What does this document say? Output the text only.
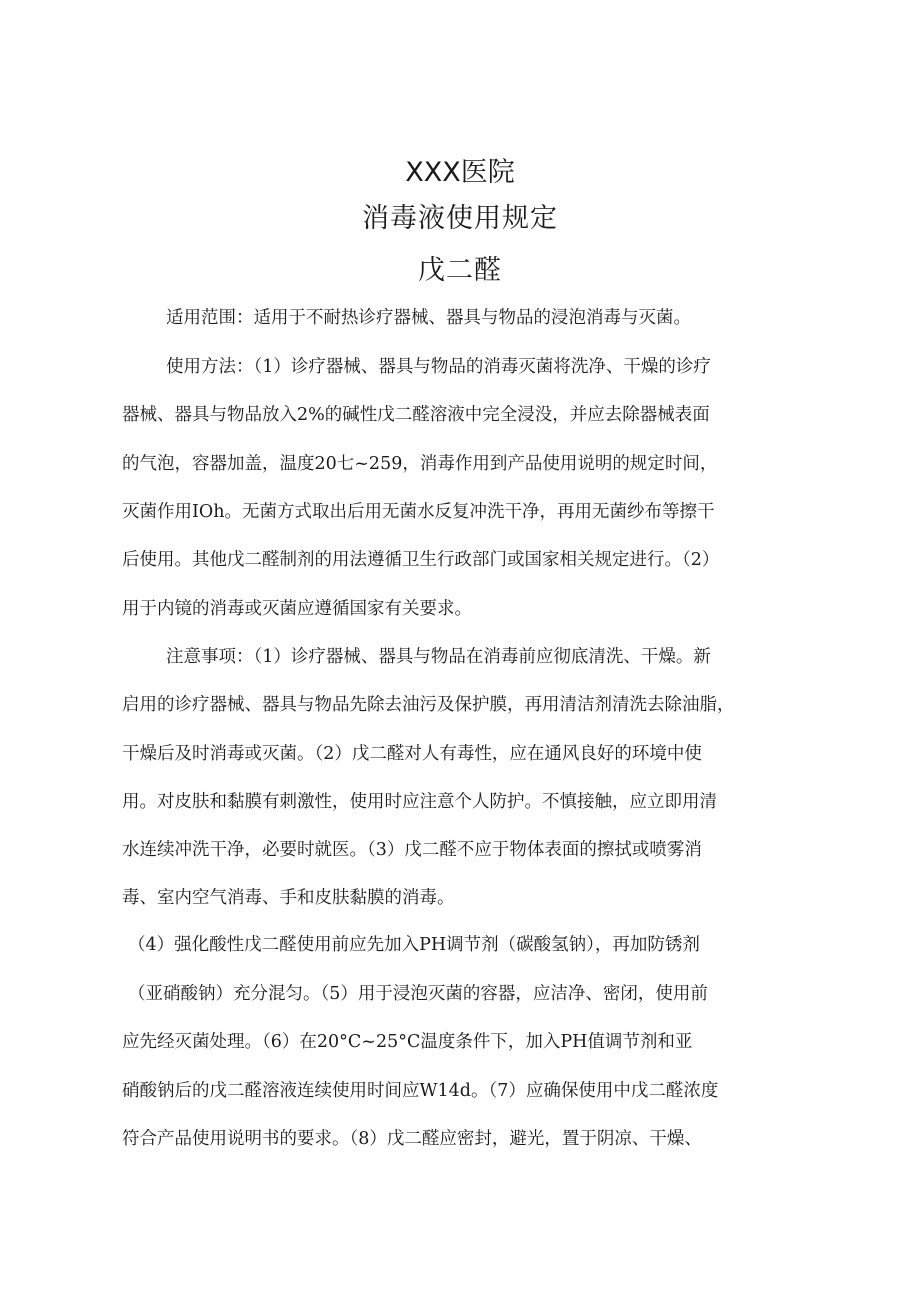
XXX医院
消毒液使用规定
戊二醛
适用范围：适用于不耐热诊疗器械、器具与物品的浸泡消毒与灭菌。
使用方法：（1）诊疗器械、器具与物品的消毒灭菌将洗净、干燥的诊疗
器械、器具与物品放入2%的碱性戊二醛溶液中完全浸没，并应去除器械表面
的气泡，容器加盖，温度20七~259，消毒作用到产品使用说明的规定时间，
灭菌作用IOh。无菌方式取出后用无菌水反复冲洗干净，再用无菌纱布等擦干
后使用。其他戊二醛制剂的用法遵循卫生行政部门或国家相关规定进行。（2）
用于内镜的消毒或灭菌应遵循国家有关要求。
注意事项：（1）诊疗器械、器具与物品在消毒前应彻底清洗、干燥。新
启用的诊疗器械、器具与物品先除去油污及保护膜，再用清洁剂清洗去除油脂，
干燥后及时消毒或灭菌。（2）戊二醛对人有毒性，应在通风良好的环境中使
用。对皮肤和黏膜有刺激性，使用时应注意个人防护。不慎接触，应立即用清
水连续冲洗干净，必要时就医。（3）戊二醛不应于物体表面的擦拭或喷雾消
毒、室内空气消毒、手和皮肤黏膜的消毒。
（4）强化酸性戊二醛使用前应先加入PH调节剂（碳酸氢钠），再加防锈剂
（亚硝酸钠）充分混匀。（5）用于浸泡灭菌的容器，应洁净、密闭，使用前
应先经灭菌处理。（6）在20°C~25°C温度条件下，加入PH值调节剂和亚
硝酸钠后的戊二醛溶液连续使用时间应W14d。（7）应确保使用中戊二醛浓度
符合产品使用说明书的要求。（8）戊二醛应密封，避光，置于阴凉、干燥、
